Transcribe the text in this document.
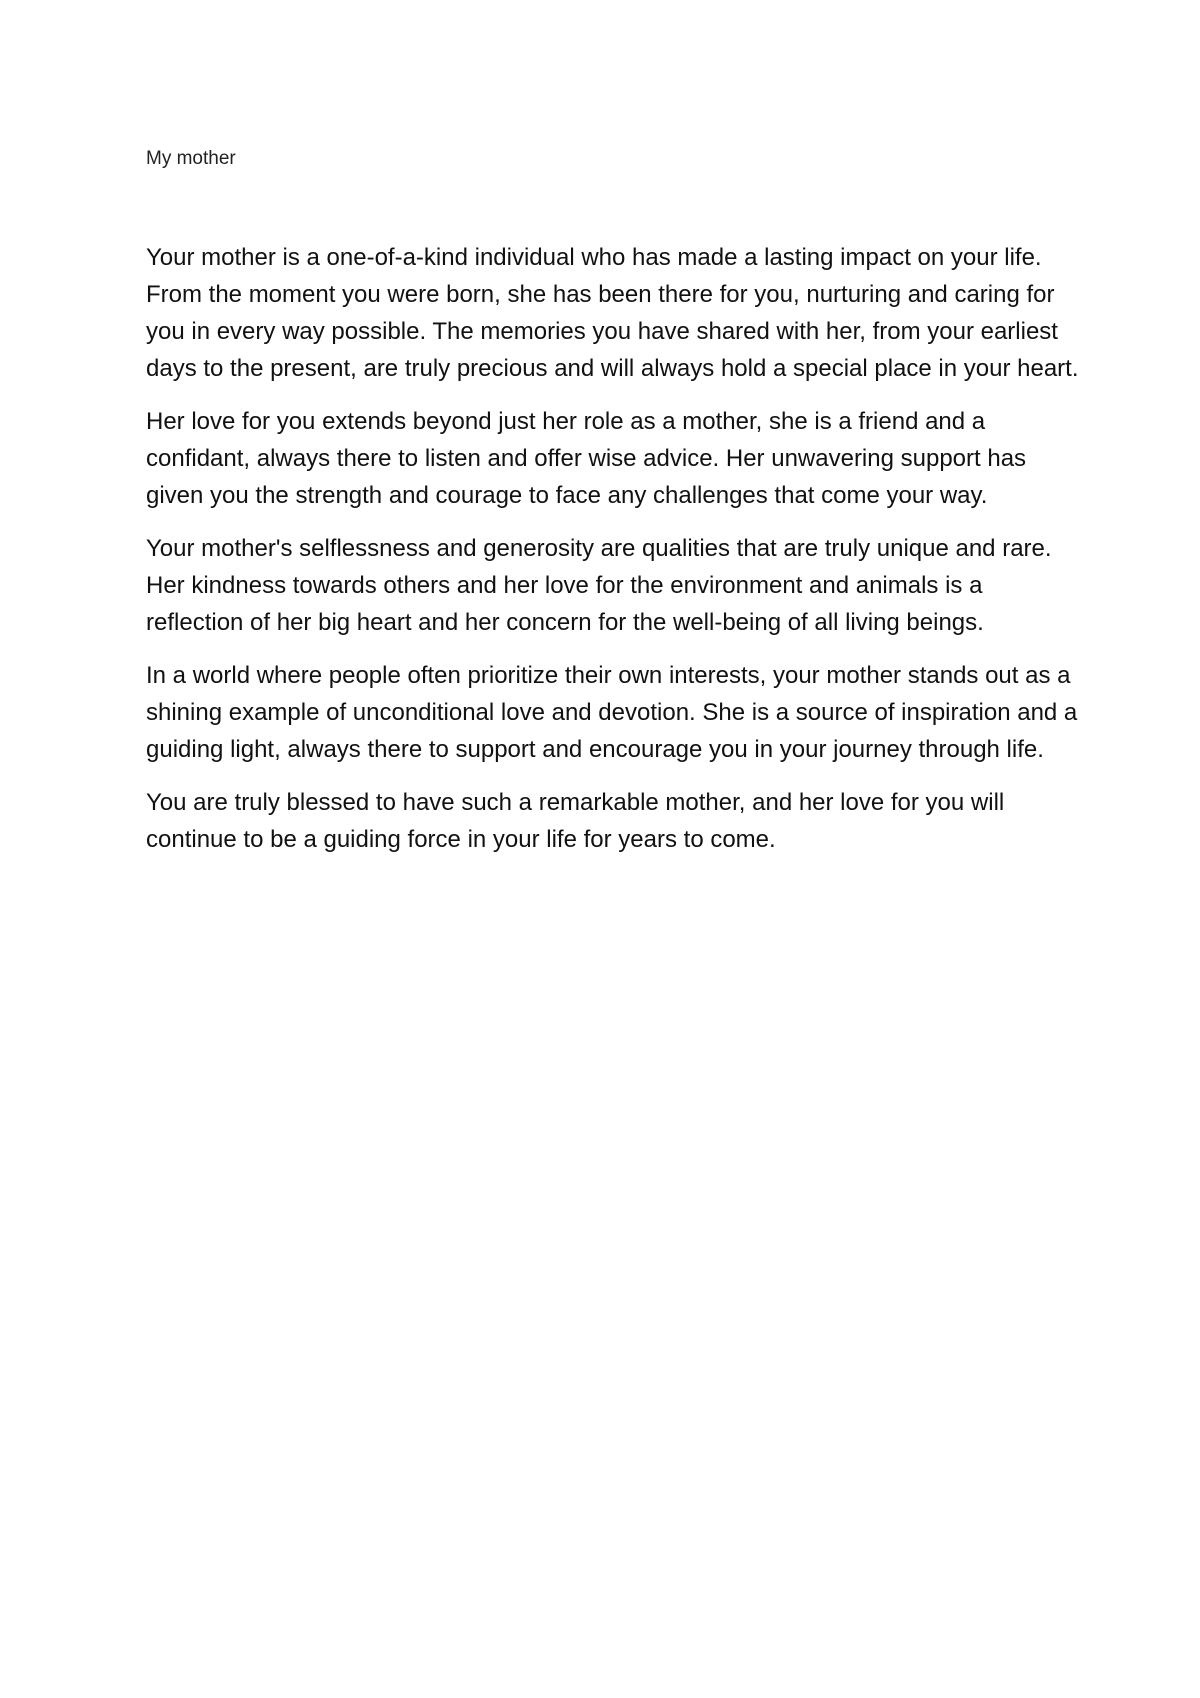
My mother

Your mother is a one-of-a-kind individual who has made a lasting impact on your life. From the moment you were born, she has been there for you, nurturing and caring for you in every way possible. The memories you have shared with her, from your earliest days to the present, are truly precious and will always hold a special place in your heart.

Her love for you extends beyond just her role as a mother, she is a friend and a confidant, always there to listen and offer wise advice. Her unwavering support has given you the strength and courage to face any challenges that come your way.

Your mother's selflessness and generosity are qualities that are truly unique and rare. Her kindness towards others and her love for the environment and animals is a reflection of her big heart and her concern for the well-being of all living beings.

In a world where people often prioritize their own interests, your mother stands out as a shining example of unconditional love and devotion. She is a source of inspiration and a guiding light, always there to support and encourage you in your journey through life.

You are truly blessed to have such a remarkable mother, and her love for you will continue to be a guiding force in your life for years to come.
